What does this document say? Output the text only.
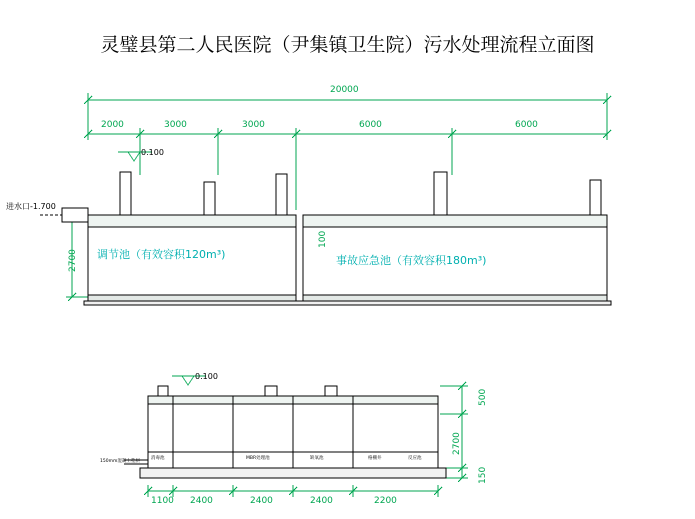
灵璧县第二人民医院（尹集镇卫生院）污水处理流程立面图
20000
2000	3000	3000	6000	6000
0.100
进水口-1.700
2700
100
调节池（有效容积120m³)	事故应急池（有效容积180m³)
0.100
150mm混凝土垫层
消毒池	MBR处理池	缺氧池	格栅井	反应池
1100 2400	2400	2400	2200
500
2700
150
